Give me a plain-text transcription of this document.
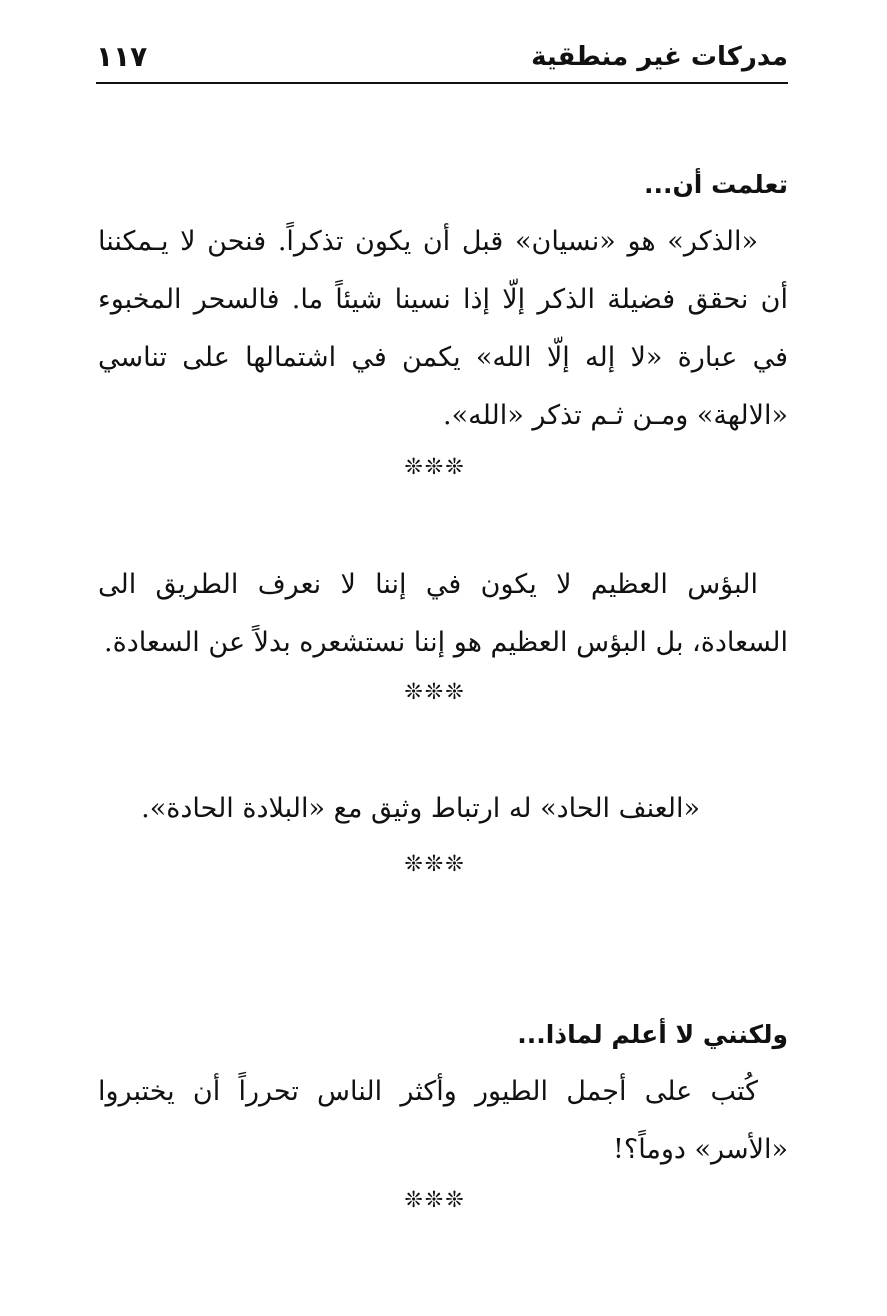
مدركات غير منطقية
١١٧
تعلمت أن...

«الذكر» هو «نسيان» قبل أن يكون تذكراً. فنحن لا يـمكننا أن نحقق فضيلة الذكر إلّا إذا نسينا شيئاً ما. فالسحر المخبوء في عبارة «لا إله إلّا الله» يكمن في اشتمالها على تناسي «الالهة» ومـن ثـم تذكر «الله».

❊❊❊

البؤس العظيم لا يكون في إننا لا نعرف الطريق الى السعادة، بل البؤس العظيم هو إننا نستشعره بدلاً عن السعادة.

❊❊❊

«العنف الحاد» له ارتباط وثيق مع «البلادة الحادة».

❊❊❊
ولكنني لا أعلم لماذا...

كُتب على أجمل الطيور وأكثر الناس تحرراً أن يختبروا «الأسر» دوماً؟!

❊❊❊
